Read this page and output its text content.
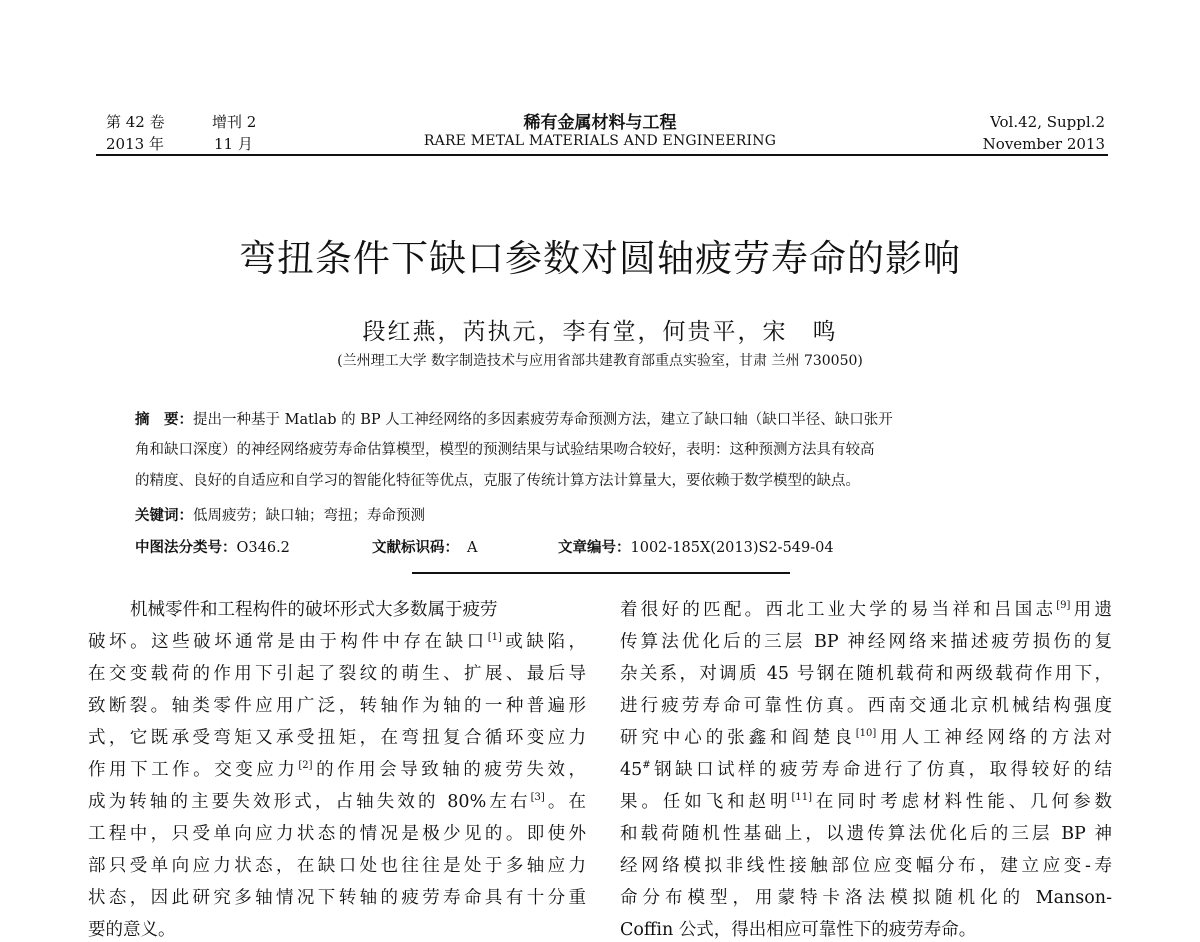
第 42 卷
2013 年
增刊 2
11 月
稀有金属材料与工程
RARE METAL MATERIALS AND ENGINEERING
Vol.42, Suppl.2
November 2013
弯扭条件下缺口参数对圆轴疲劳寿命的影响
段红燕，芮执元，李有堂，何贵平，宋　鸣
(兰州理工大学 数字制造技术与应用省部共建教育部重点实验室，甘肃 兰州 730050)
摘　要：提出一种基于 Matlab 的 BP 人工神经网络的多因素疲劳寿命预测方法，建立了缺口轴（缺口半径、缺口张开
角和缺口深度）的神经网络疲劳寿命估算模型，模型的预测结果与试验结果吻合较好，表明：这种预测方法具有较高
的精度、良好的自适应和自学习的智能化特征等优点，克服了传统计算方法计算量大，要依赖于数学模型的缺点。
关键词：低周疲劳；缺口轴；弯扭；寿命预测
中图法分类号：O346.2	文献标识码： A	文章编号：1002-185X(2013)S2-549-04
机械零件和工程构件的破坏形式大多数属于疲劳
破坏。这些破坏通常是由于构件中存在缺口[1]或缺陷，
在交变载荷的作用下引起了裂纹的萌生、扩展、最后导
致断裂。轴类零件应用广泛，转轴作为轴的一种普遍形
式，它既承受弯矩又承受扭矩，在弯扭复合循环变应力
作用下工作。交变应力[2]的作用会导致轴的疲劳失效，
成为转轴的主要失效形式，占轴失效的 80%左右[3]。在
工程中，只受单向应力状态的情况是极少见的。即使外
部只受单向应力状态，在缺口处也往往是处于多轴应力
状态，因此研究多轴情况下转轴的疲劳寿命具有十分重
要的意义。
着很好的匹配。西北工业大学的易当祥和吕国志[9]用遗
传算法优化后的三层 BP 神经网络来描述疲劳损伤的复
杂关系，对调质 45 号钢在随机载荷和两级载荷作用下，
进行疲劳寿命可靠性仿真。西南交通北京机械结构强度
研究中心的张鑫和阎楚良[10]用人工神经网络的方法对
45#钢缺口试样的疲劳寿命进行了仿真，取得较好的结
果。任如飞和赵明[11]在同时考虑材料性能、几何参数
和载荷随机性基础上，以遗传算法优化后的三层 BP 神
经网络模拟非线性接触部位应变幅分布，建立应变-寿
命分布模型，用蒙特卡洛法模拟随机化的 Manson-
Coffin 公式，得出相应可靠性下的疲劳寿命。
